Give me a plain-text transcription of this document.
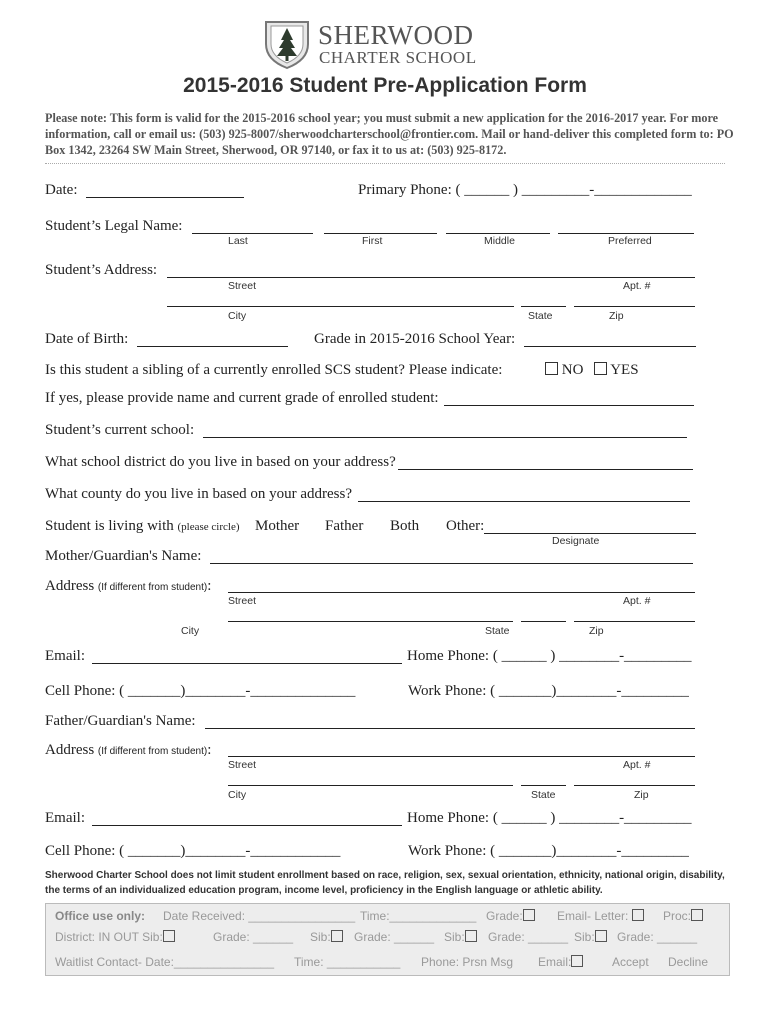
SHERWOOD
CHARTER SCHOOL
2015-2016 Student Pre-Application Form
Please note: This form is valid for the 2015-2016 school year; you must submit a new application for the 2016-2017 year. For more information, call or email us: (503) 925-8007/sherwoodcharterschool@frontier.com. Mail or hand-deliver this completed form to: PO Box 1342, 23264 SW Main Street, Sherwood, OR 97140, or fax it to us at: (503) 925-8172.
Date:	Primary Phone: ( ______ ) _________-_____________
Student’s Legal Name:
Last	First	Middle	Preferred
Student’s Address:
Street	Apt. #
City	State	Zip
Date of Birth:	Grade in 2015-2016 School Year:
Is this student a sibling of a currently enrolled SCS student? Please indicate:	NO	YES
If yes, please provide name and current grade of enrolled student:
Student’s current school:
What school district do you live in based on your address?
What county do you live in based on your address?
Student is living with (please circle) Mother Father Both Other:
Designate
Mother/Guardian's Name:
Address (If different from student):
Street	Apt. #
City	State	Zip
Email:	Home Phone: ( ______ ) ________-_________
Cell Phone: ( _______)________-______________	Work Phone: ( _______)________-_________
Father/Guardian's Name:
Address (If different from student):
Street	Apt. #
City	State	Zip
Email:	Home Phone: ( ______ ) ________-_________
Cell Phone: ( _______)________-____________	Work Phone: ( _______)________-_________
Sherwood Charter School does not limit student enrollment based on race, religion, sex, sexual orientation, ethnicity, national origin, disability, the terms of an individualized education program, income level, proficiency in the English language or athletic ability.
Office use only: Date Received: ________________ Time:_____________ Grade:	Email- Letter:	Proc:
District: IN OUT Sib:	Grade: ______ Sib:	Grade: ______ Sib:	Grade: ______ Sib:	Grade: ______
Waitlist Contact- Date:_______________ Time: ___________ Phone: Prsn Msg Email:	Accept Decline
